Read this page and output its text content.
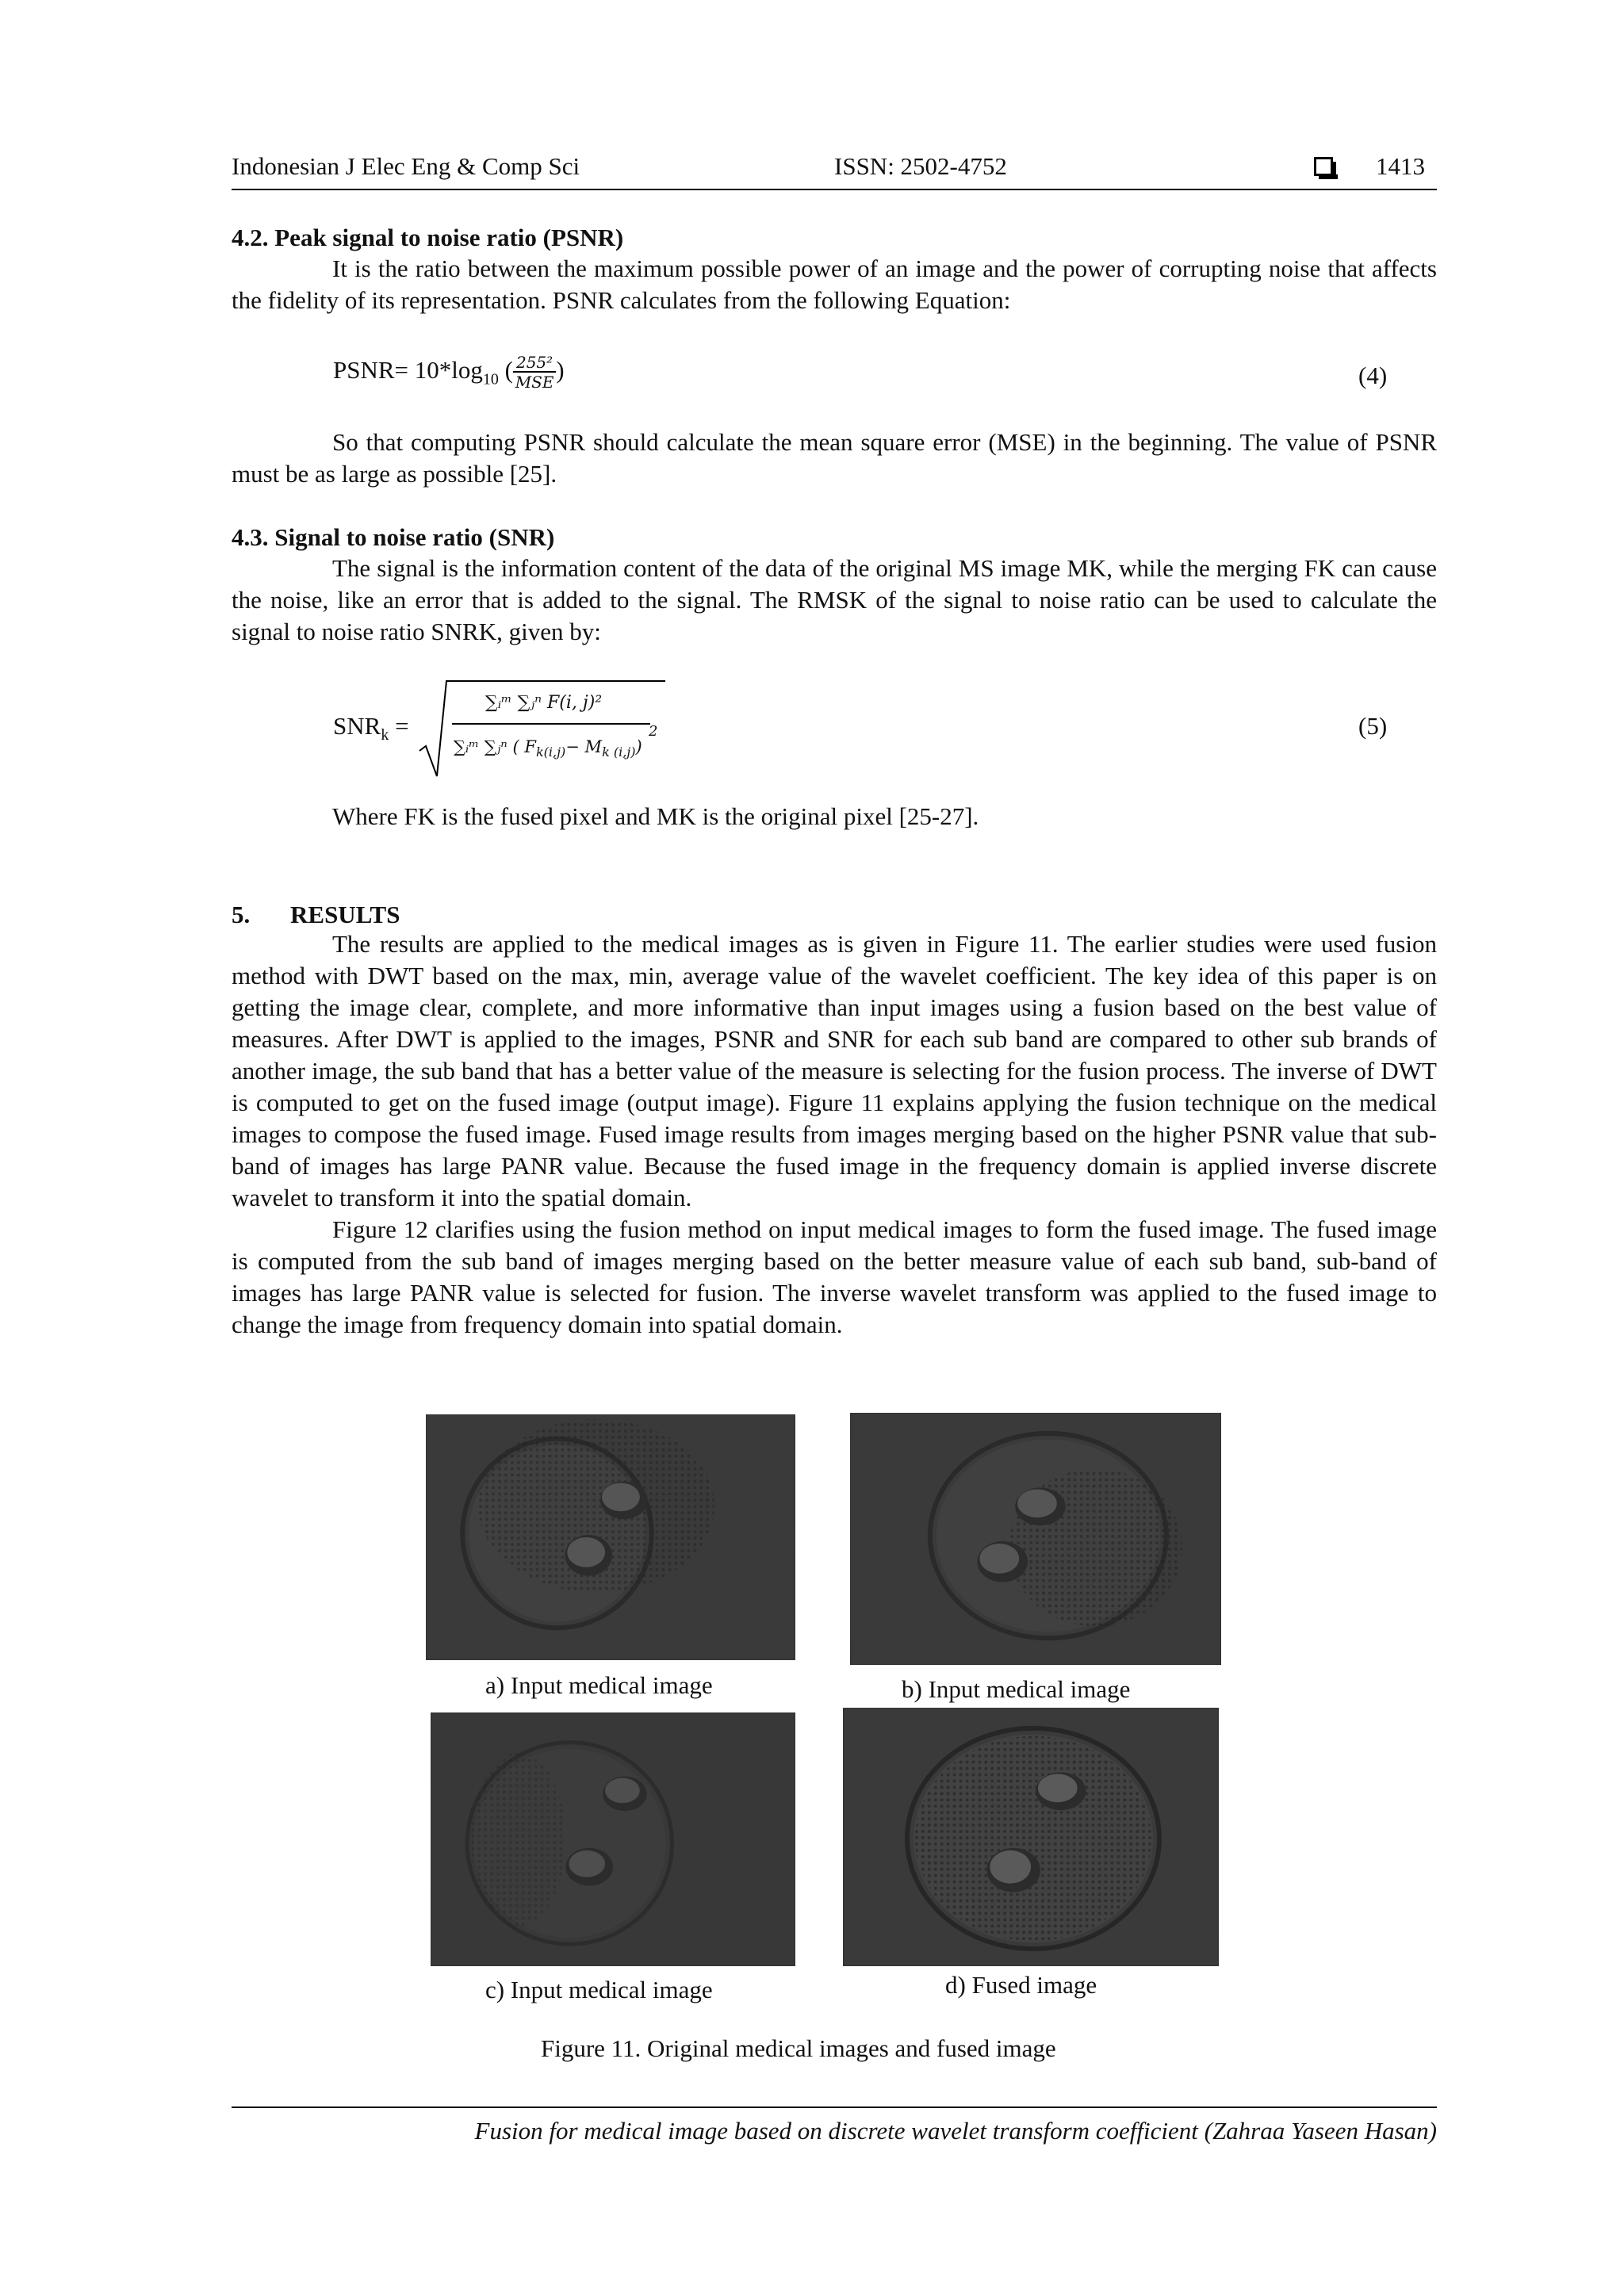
Indonesian J Elec Eng & Comp Sci	ISSN: 2502-4752	1413
4.2. Peak signal to noise ratio (PSNR)

It is the ratio between the maximum possible power of an image and the power of corrupting noise that affects the fidelity of its representation. PSNR calculates from the following Equation:

PSNR= $10*\log_{10}$ ( $\frac{\text{255²}}{\text{MSE}}$ )	(4)

So that computing PSNR should calculate the mean square error (MSE) in the beginning. The value of PSNR must be as large as possible [25].

4.3. Signal to noise ratio (SNR)

The signal is the information content of the data of the original MS image MK, while the merging FK can cause the noise, like an error that is added to the signal. The RMSK of the signal to noise ratio can be used to calculate the signal to noise ratio SNRK, given by:

$SNR_k$ =
∑ᵢᵐ ∑ⱼⁿ F(i, j)²
∑ᵢᵐ ∑ⱼⁿ ( $F_{k(i,j)}- M_{k (i,j)}$)
2	(5)

Where FK is the fused pixel and MK is the original pixel [25-27].

5. RESULTS

The results are applied to the medical images as is given in Figure 11. The earlier studies were used fusion method with DWT based on the max, min, average value of the wavelet coefficient. The key idea of this paper is on getting the image clear, complete, and more informative than input images using a fusion based on the best value of measures. After DWT is applied to the images, PSNR and SNR for each sub band are compared to other sub brands of another image, the sub band that has a better value of the measure is selecting for the fusion process. The inverse of DWT is computed to get on the fused image (output image). Figure 11 explains applying the fusion technique on the medical images to compose the fused image. Fused image results from images merging based on the higher PSNR value that sub-band of images has large PANR value. Because the fused image in the frequency domain is applied inverse discrete wavelet to transform it into the spatial domain.

Figure 12 clarifies using the fusion method on input medical images to form the fused image. The fused image is computed from the sub band of images merging based on the better measure value of each sub band, sub-band of images has large PANR value is selected for fusion. The inverse wavelet transform was applied to the fused image to change the image from frequency domain into spatial domain.

a) Input medical image	b) Input medical image
c) Input medical image	d) Fused image
Figure 11. Original medical images and fused image
Fusion for medical image based on discrete wavelet transform coefficient (Zahraa Yaseen Hasan)
